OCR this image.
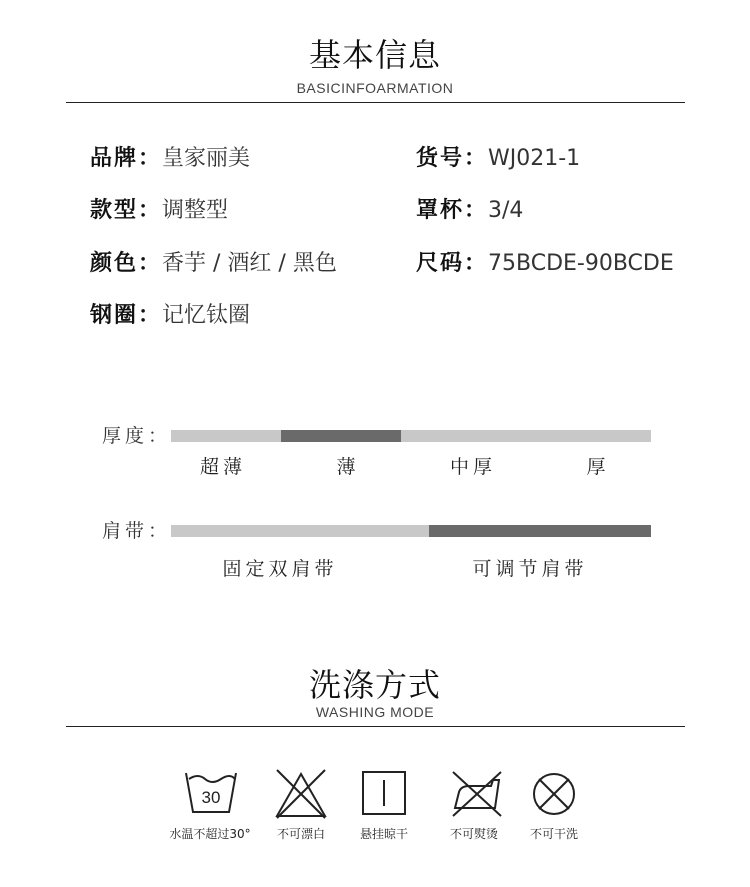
基本信息
BASICINFOARMATION
品牌：皇家丽美	货号：WJ021-1
款型：调整型	罩杯：3/4
颜色：香芋 / 酒红 / 黑色	尺码：75BCDE-90BCDE
钢圈：记忆钛圈
厚度：
超薄	薄	中厚	厚
肩带：
固定双肩带	可调节肩带
洗涤方式
WASHING MODE
30
水温不超过30°	不可漂白	悬挂晾干	不可熨烫	不可干洗
